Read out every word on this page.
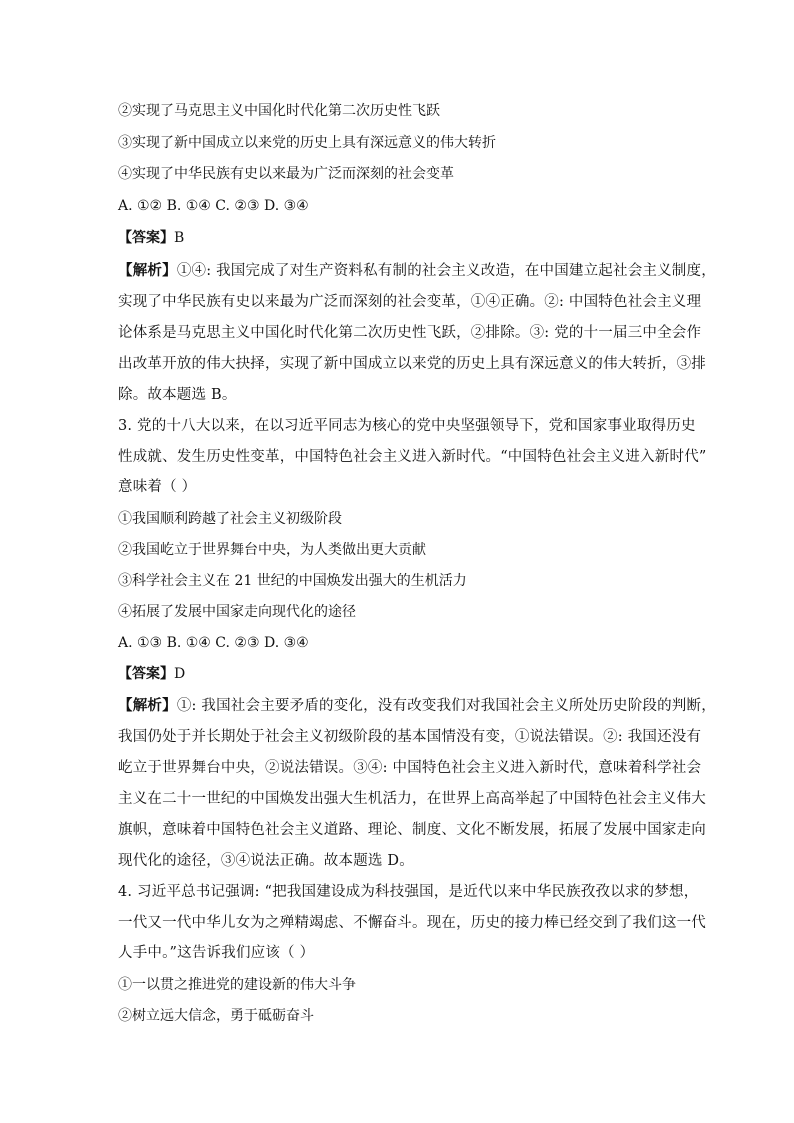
②实现了马克思主义中国化时代化第二次历史性飞跃
③实现了新中国成立以来党的历史上具有深远意义的伟大转折
④实现了中华民族有史以来最为广泛而深刻的社会变革
A. ①② B. ①④ C. ②③ D. ③④
【答案】B
【解析】①④: 我国完成了对生产资料私有制的社会主义改造，在中国建立起社会主义制度，
实现了中华民族有史以来最为广泛而深刻的社会变革，①④正确。②: 中国特色社会主义理
论体系是马克思主义中国化时代化第二次历史性飞跃，②排除。③: 党的十一届三中全会作
出改革开放的伟大抉择，实现了新中国成立以来党的历史上具有深远意义的伟大转折，③排
除。故本题选 B。
3. 党的十八大以来，在以习近平同志为核心的党中央坚强领导下，党和国家事业取得历史
性成就、发生历史性变革，中国特色社会主义进入新时代。“中国特色社会主义进入新时代”
意味着（ ）
①我国顺利跨越了社会主义初级阶段
②我国屹立于世界舞台中央，为人类做出更大贡献
③科学社会主义在 21 世纪的中国焕发出强大的生机活力
④拓展了发展中国家走向现代化的途径
A. ①③ B. ①④ C. ②③ D. ③④
【答案】D
【解析】①: 我国社会主要矛盾的变化，没有改变我们对我国社会主义所处历史阶段的判断，
我国仍处于并长期处于社会主义初级阶段的基本国情没有变，①说法错误。②: 我国还没有
屹立于世界舞台中央，②说法错误。③④: 中国特色社会主义进入新时代，意味着科学社会
主义在二十一世纪的中国焕发出强大生机活力，在世界上高高举起了中国特色社会主义伟大
旗帜，意味着中国特色社会主义道路、理论、制度、文化不断发展，拓展了发展中国家走向
现代化的途径，③④说法正确。故本题选 D。
4. 习近平总书记强调: “把我国建设成为科技强国，是近代以来中华民族孜孜以求的梦想，
一代又一代中华儿女为之殚精竭虑、不懈奋斗。现在，历史的接力棒已经交到了我们这一代
人手中。”这告诉我们应该（ ）
①一以贯之推进党的建设新的伟大斗争
②树立远大信念，勇于砥砺奋斗
